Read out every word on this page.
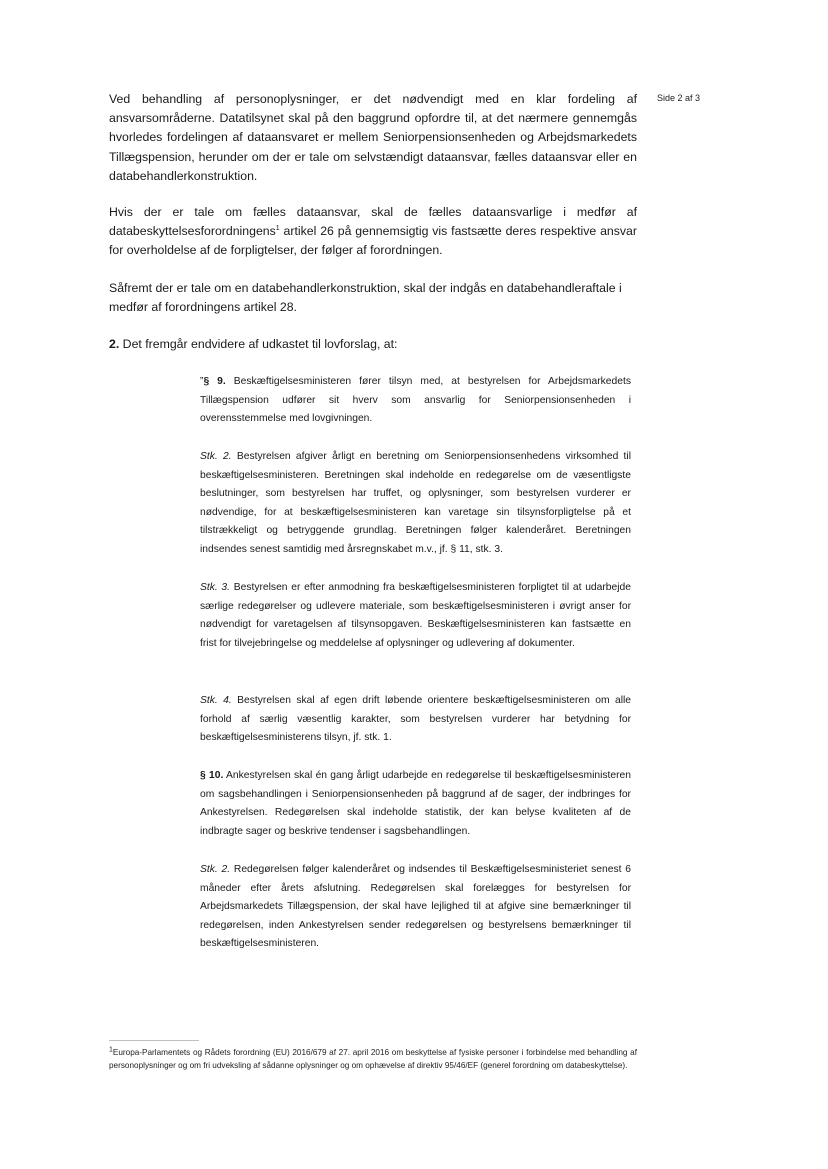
Side 2 af 3

Ved behandling af personoplysninger, er det nødvendigt med en klar fordeling af ansvarsområderne. Datatilsynet skal på den baggrund opfordre til, at det nærmere gennemgås hvorledes fordelingen af dataansvaret er mellem Seniorpensionsenheden og Arbejdsmarkedets Tillægspension, herunder om der er tale om selvstændigt dataansvar, fælles dataansvar eller en databehandlerkonstruktion.

Hvis der er tale om fælles dataansvar, skal de fælles dataansvarlige i medfør af databeskyttelsesforordningens$^1$ artikel 26 på gennemsigtig vis fastsætte deres respektive ansvar for overholdelse af de forpligtelser, der følger af forordningen.

Såfremt der er tale om en databehandlerkonstruktion, skal der indgås en databehandleraftale i medfør af forordningens artikel 28.

2. Det fremgår endvidere af udkastet til lovforslag, at:

”§ 9. Beskæftigelsesministeren fører tilsyn med, at bestyrelsen for Arbejdsmarkedets Tillægspension udfører sit hverv som ansvarlig for Seniorpensionsenheden i overensstemmelse med lovgivningen.

Stk. 2. Bestyrelsen afgiver årligt en beretning om Seniorpensionsenhedens virksomhed til beskæftigelsesministeren. Beretningen skal indeholde en redegørelse om de væsentligste beslutninger, som bestyrelsen har truffet, og oplysninger, som bestyrelsen vurderer er nødvendige, for at beskæftigelsesministeren kan varetage sin tilsynsforpligtelse på et tilstrækkeligt og betryggende grundlag. Beretningen følger kalenderåret. Beretningen indsendes senest samtidig med årsregnskabet m.v., jf. § 11, stk. 3.

Stk. 3. Bestyrelsen er efter anmodning fra beskæftigelsesministeren forpligtet til at udarbejde særlige redegørelser og udlevere materiale, som beskæftigelsesministeren i øvrigt anser for nødvendigt for varetagelsen af tilsynsopgaven. Beskæftigelsesministeren kan fastsætte en frist for tilvejebringelse og meddelelse af oplysninger og udlevering af dokumenter.

Stk. 4. Bestyrelsen skal af egen drift løbende orientere beskæftigelsesministeren om alle forhold af særlig væsentlig karakter, som bestyrelsen vurderer har betydning for beskæftigelsesministerens tilsyn, jf. stk. 1.

§ 10. Ankestyrelsen skal én gang årligt udarbejde en redegørelse til beskæftigelsesministeren om sagsbehandlingen i Seniorpensionsenheden på baggrund af de sager, der indbringes for Ankestyrelsen. Redegørelsen skal indeholde statistik, der kan belyse kvaliteten af de indbragte sager og beskrive tendenser i sagsbehandlingen.

Stk. 2. Redegørelsen følger kalenderåret og indsendes til Beskæftigelsesministeriet senest 6 måneder efter årets afslutning. Redegørelsen skal forelægges for bestyrelsen for Arbejdsmarkedets Tillægspension, der skal have lejlighed til at afgive sine bemærkninger til redegørelsen, inden Ankestyrelsen sender redegørelsen og bestyrelsens bemærkninger til beskæftigelsesministeren.

$^1$Europa-Parlamentets og Rådets forordning (EU) 2016/679 af 27. april 2016 om beskyttelse af fysiske personer i forbindelse med behandling af personoplysninger og om fri udveksling af sådanne oplysninger og om ophævelse af direktiv 95/46/EF (generel forordning om databeskyttelse).
